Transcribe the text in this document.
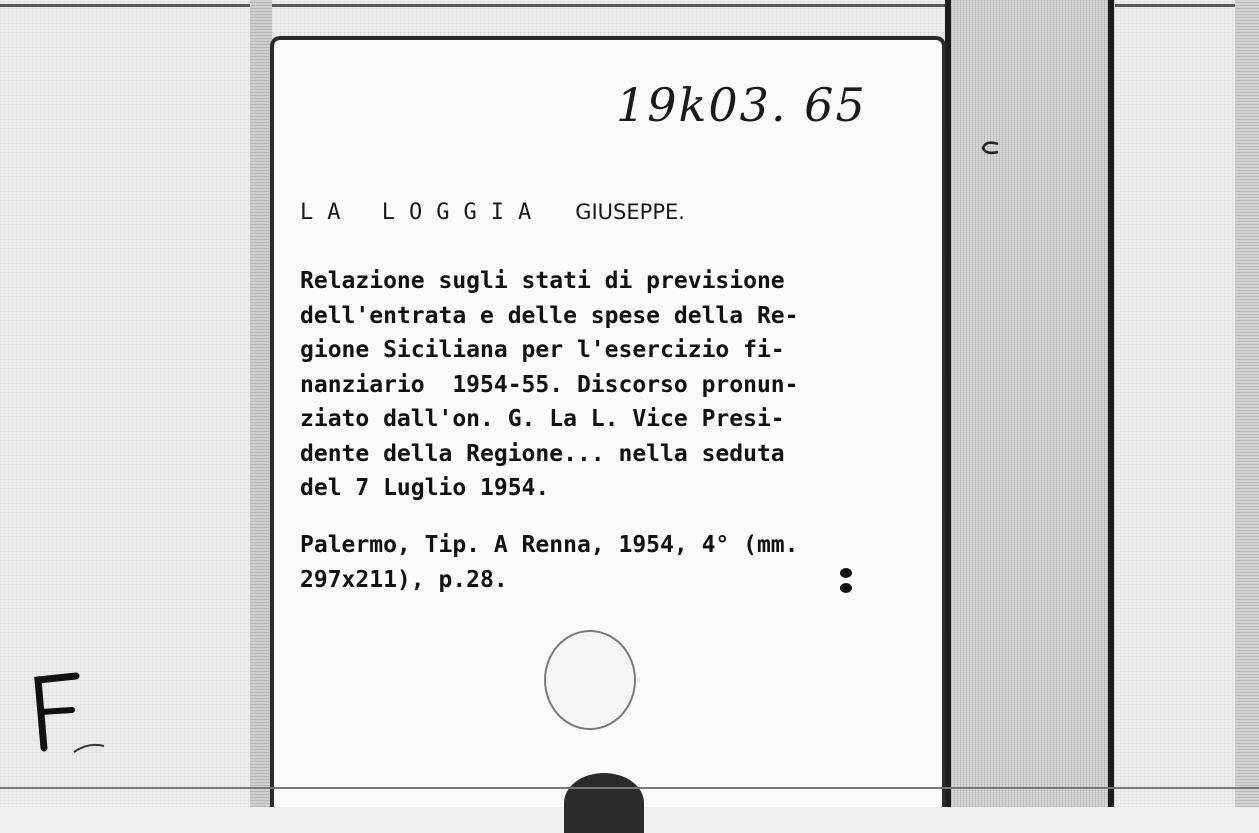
19k03. 65
LA LOGGIA GIUSEPPE.
Relazione sugli stati di previsione
dell'entrata e delle spese della Re-
gione Siciliana per l'esercizio fi-
nanziario  1954-55. Discorso pronun-
ziato dall'on. G. La L. Vice Presi-
dente della Regione... nella seduta
del 7 Luglio 1954.
Palermo, Tip. A Renna, 1954, 4° (mm.
297x211), p.28.
